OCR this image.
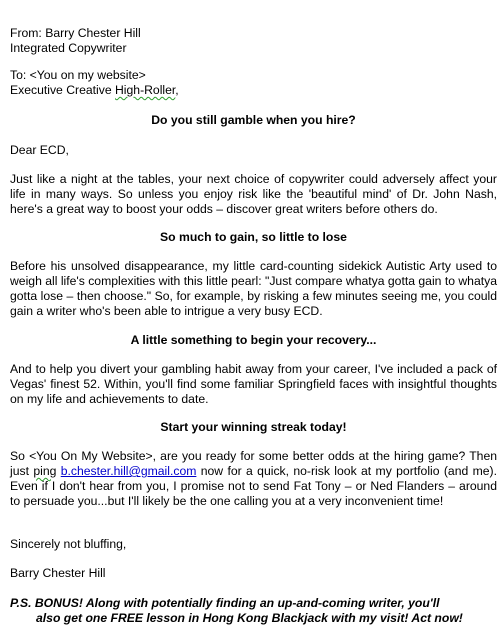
From: Barry Chester Hill
Integrated Copywriter
To: <You on my website>
Executive Creative High-Roller,
Do you still gamble when you hire?
Dear ECD,
Just like a night at the tables, your next choice of copywriter could adversely affect your life in many ways. So unless you enjoy risk like the 'beautiful mind' of Dr. John Nash, here's a great way to boost your odds – discover great writers before others do.
So much to gain, so little to lose
Before his unsolved disappearance, my little card-counting sidekick Autistic Arty used to weigh all life's complexities with this little pearl: "Just compare whatya gotta gain to whatya gotta lose – then choose." So, for example, by risking a few minutes seeing me, you could gain a writer who's been able to intrigue a very busy ECD.
A little something to begin your recovery...
And to help you divert your gambling habit away from your career, I've included a pack of Vegas' finest 52. Within, you'll find some familiar Springfield faces with insightful thoughts on my life and achievements to date.
Start your winning streak today!
So <You On My Website>, are you ready for some better odds at the hiring game? Then just ping b.chester.hill@gmail.com now for a quick, no-risk look at my portfolio (and me). Even if I don't hear from you, I promise not to send Fat Tony – or Ned Flanders – around to persuade you...but I'll likely be the one calling you at a very inconvenient time!
Sincerely not bluffing,
Barry Chester Hill
P.S. BONUS! Along with potentially finding an up-and-coming writer, you'll
also get one FREE lesson in Hong Kong Blackjack with my visit! Act now!
